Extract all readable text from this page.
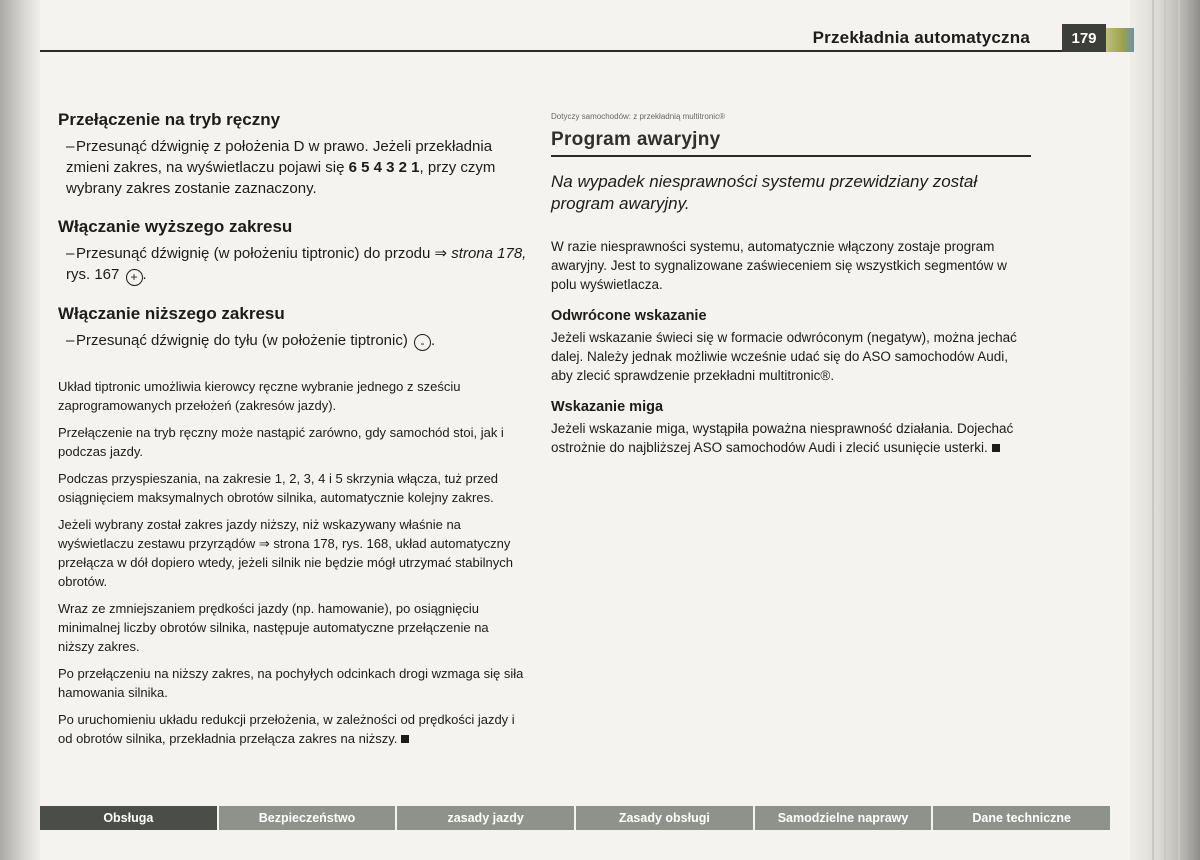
Przekładnia automatyczna	179
Przełączenie na tryb ręczny
– Przesunąć dźwignię z położenia D w prawo. Jeżeli przekładnia zmieni zakres, na wyświetlaczu pojawi się 6 5 4 3 2 1, przy czym wybrany zakres zostanie zaznaczony.
Włączanie wyższego zakresu
– Przesunąć dźwignię (w położeniu tiptronic) do przodu ⇒ strona 178, rys. 167 + .
Włączanie niższego zakresu
– Przesunąć dźwignię do tyłu (w położenie tiptronic) - .

Układ tiptronic umożliwia kierowcy ręczne wybranie jednego z sześciu zaprogramowanych przełożeń (zakresów jazdy).

Przełączenie na tryb ręczny może nastąpić zarówno, gdy samochód stoi, jak i podczas jazdy.

Podczas przyspieszania, na zakresie 1, 2, 3, 4 i 5 skrzynia włącza, tuż przed osiągnięciem maksymalnych obrotów silnika, automatycznie kolejny zakres.

Jeżeli wybrany został zakres jazdy niższy, niż wskazywany właśnie na wyświetlaczu zestawu przyrządów ⇒ strona 178, rys. 168, układ automatyczny przełącza w dół dopiero wtedy, jeżeli silnik nie będzie mógł utrzymać stabilnych obrotów.

Wraz ze zmniejszaniem prędkości jazdy (np. hamowanie), po osiągnięciu minimalnej liczby obrotów silnika, następuje automatyczne przełączenie na niższy zakres.

Po przełączeniu na niższy zakres, na pochyłych odcinkach drogi wzmaga się siła hamowania silnika.

Po uruchomieniu układu redukcji przełożenia, w zależności od prędkości jazdy i od obrotów silnika, przekładnia przełącza zakres na niższy.

Dotyczy samochodów: z przekładnią multitronic®
Program awaryjny

Na wypadek niesprawności systemu przewidziany został program awaryjny.

W razie niesprawności systemu, automatycznie włączony zostaje program awaryjny. Jest to sygnalizowane zaświeceniem się wszystkich segmentów w polu wyświetlacza.

Odwrócone wskazanie

Jeżeli wskazanie świeci się w formacie odwróconym (negatyw), można jechać dalej. Należy jednak możliwie wcześnie udać się do ASO samochodów Audi, aby zlecić sprawdzenie przekładni multitronic®.

Wskazanie miga

Jeżeli wskazanie miga, wystąpiła poważna niesprawność działania. Dojechać ostrożnie do najbliższej ASO samochodów Audi i zlecić usunięcie usterki.

Obsługa	Bezpieczeństwo	zasady jazdy	Zasady obsługi	Samodzielne naprawy	Dane techniczne
